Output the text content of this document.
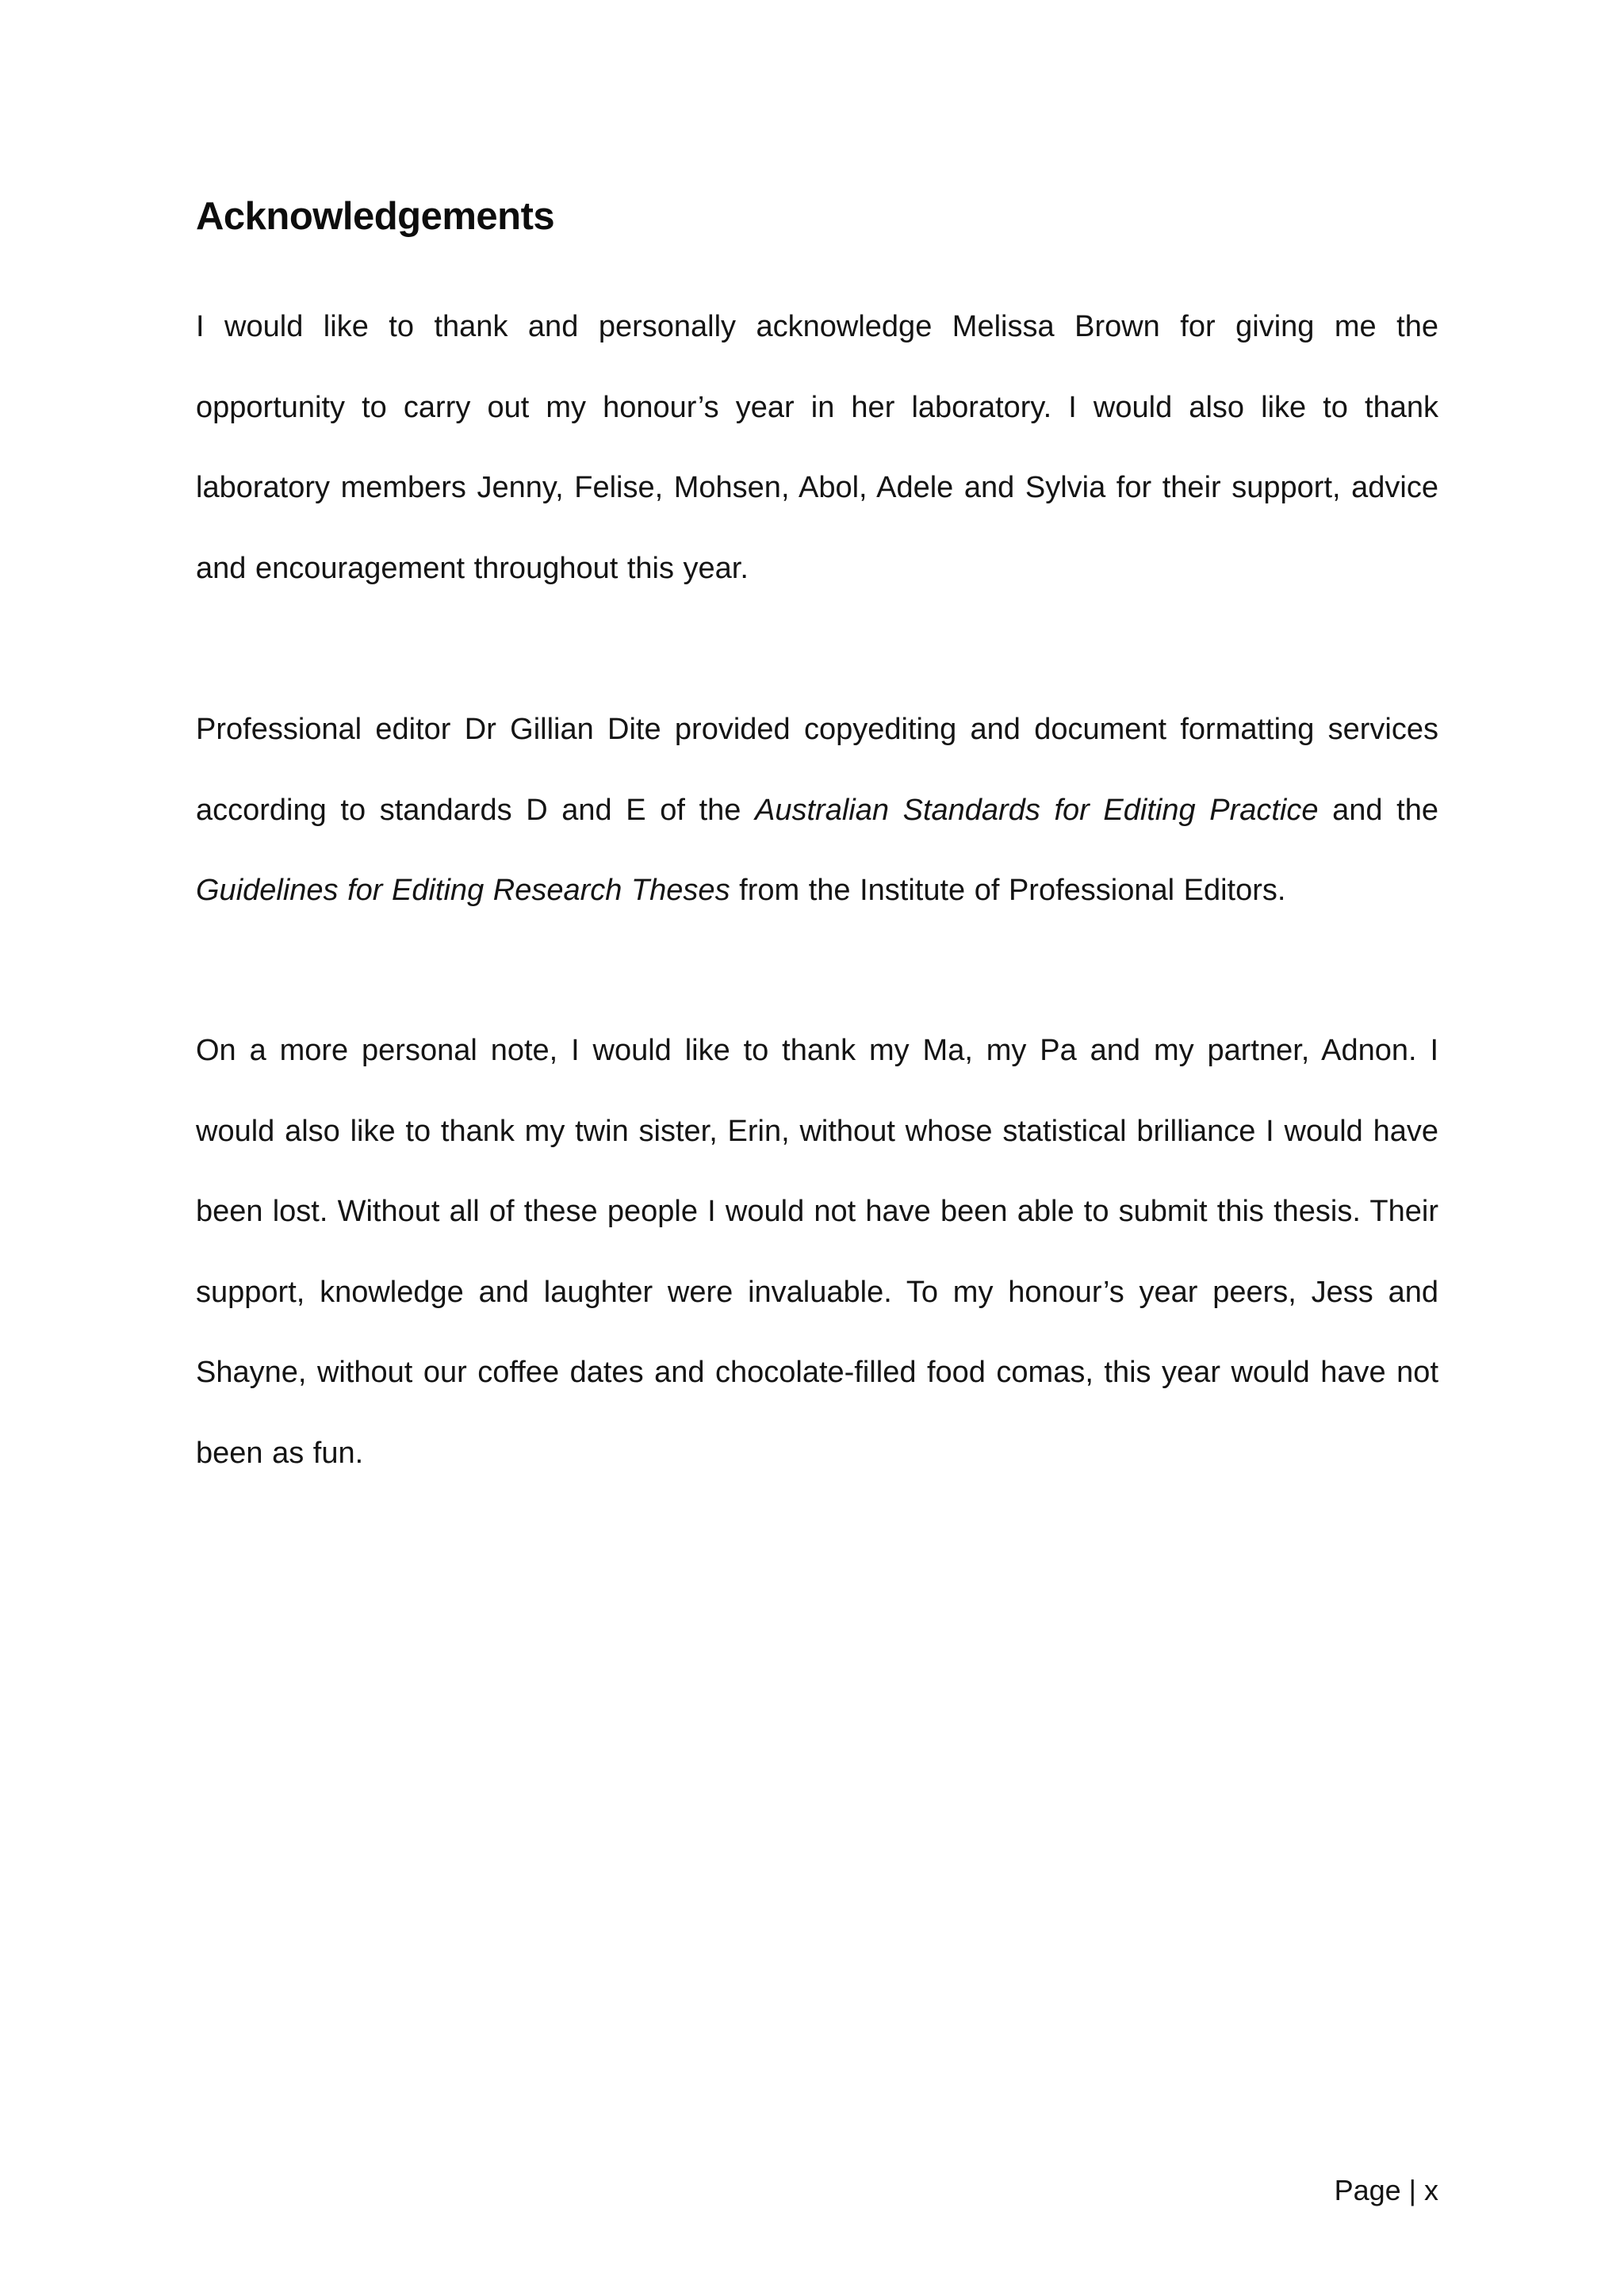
Acknowledgements

I would like to thank and personally acknowledge Melissa Brown for giving me the opportunity to carry out my honour’s year in her laboratory. I would also like to thank laboratory members Jenny, Felise, Mohsen, Abol, Adele and Sylvia for their support, advice and encouragement throughout this year.

Professional editor Dr Gillian Dite provided copyediting and document formatting services according to standards D and E of the Australian Standards for Editing Practice and the Guidelines for Editing Research Theses from the Institute of Professional Editors.

On a more personal note, I would like to thank my Ma, my Pa and my partner, Adnon. I would also like to thank my twin sister, Erin, without whose statistical brilliance I would have been lost. Without all of these people I would not have been able to submit this thesis. Their support, knowledge and laughter were invaluable. To my honour’s year peers, Jess and Shayne, without our coffee dates and chocolate-filled food comas, this year would have not been as fun.

Page | x
